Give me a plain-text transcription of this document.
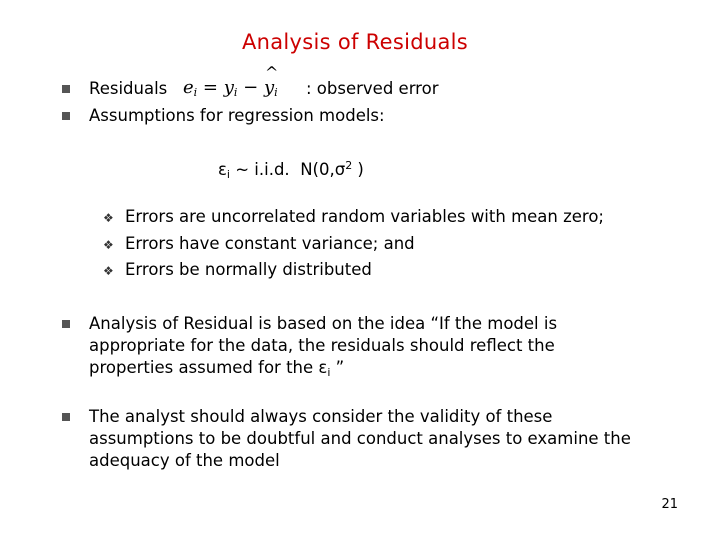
Analysis of Residuals
Residuals $e_i = y_i$ − ^ $y_i$ : observed error
Assumptions for regression models:
$\varepsilon_i$ ~ i.i.d. $N(0,\sigma^2$ )
❖ Errors are uncorrelated random variables with mean zero;
❖ Errors have constant variance; and
❖ Errors be normally distributed
Analysis of Residual is based on the idea “If the model is
appropriate for the data, the residuals should reflect the
properties assumed for the $\varepsilon_i$ ”
The analyst should always consider the validity of these
assumptions to be doubtful and conduct analyses to examine the
adequacy of the model
21
